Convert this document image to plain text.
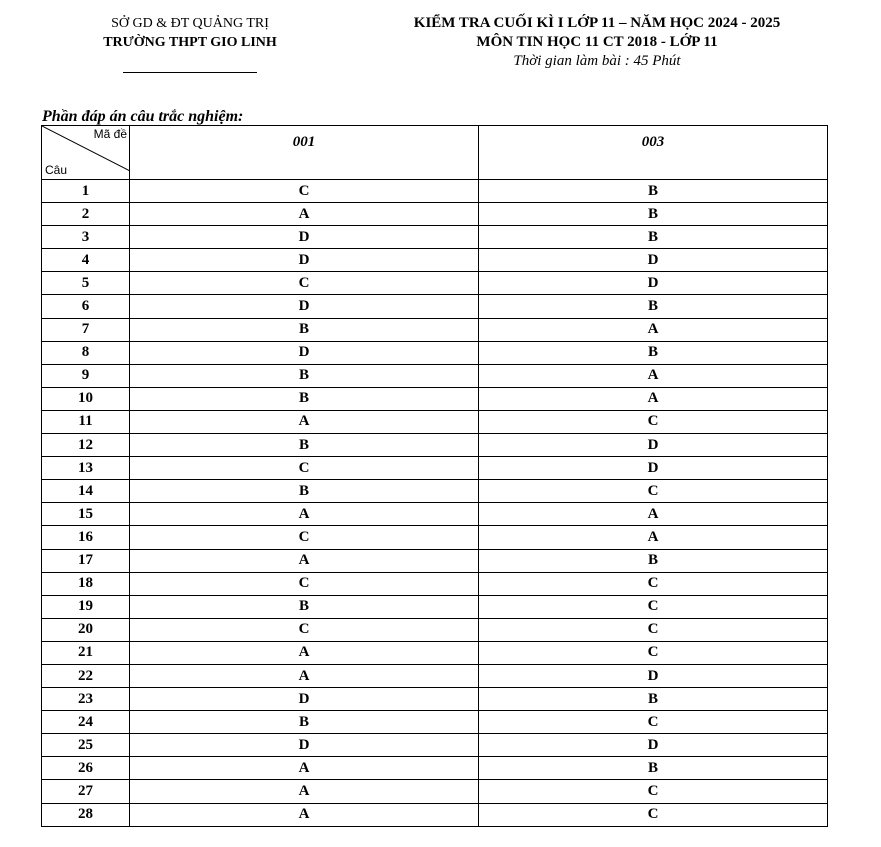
SỞ GD & ĐT QUẢNG TRỊ
TRƯỜNG THPT GIO LINH
KIỂM TRA CUỐI KÌ I LỚP 11 – NĂM HỌC 2024 - 2025
MÔN TIN HỌC 11 CT 2018 - LỚP 11
Thời gian làm bài : 45 Phút
Phần đáp án câu trắc nghiệm:
Mã đề
Câu	001	003
1	C	B
2	A	B
3	D	B
4	D	D
5	C	D
6	D	B
7	B	A
8	D	B
9	B	A
10	B	A
11	A	C
12	B	D
13	C	D
14	B	C
15	A	A
16	C	A
17	A	B
18	C	C
19	B	C
20	C	C
21	A	C
22	A	D
23	D	B
24	B	C
25	D	D
26	A	B
27	A	C
28	A	C
